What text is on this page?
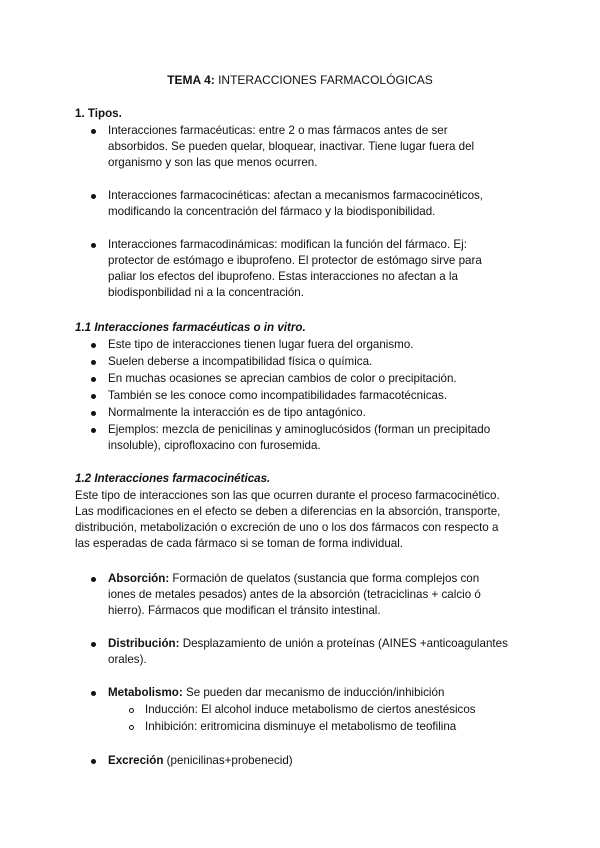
TEMA 4: INTERACCIONES FARMACOLÓGICAS
1. Tipos.
Interacciones farmacéuticas: entre 2 o mas fármacos antes de ser
absorbidos. Se pueden quelar, bloquear, inactivar. Tiene lugar fuera del
organismo y son las que menos ocurren.
Interacciones farmacocinéticas: afectan a mecanismos farmacocinéticos,
modificando la concentración del fármaco y la biodisponibilidad.
Interacciones farmacodinámicas: modifican la función del fármaco. Ej:
protector de estómago e ibuprofeno. El protector de estómago sirve para
paliar los efectos del ibuprofeno. Estas interacciones no afectan a la
biodisponbilidad ni a la concentración.
1.1 Interacciones farmacéuticas o in vitro.
Este tipo de interacciones tienen lugar fuera del organismo.
Suelen deberse a incompatibilidad física o química.
En muchas ocasiones se aprecian cambios de color o precipitación.
También se les conoce como incompatibilidades farmacotécnicas.
Normalmente la interacción es de tipo antagónico.
Ejemplos: mezcla de penicilinas y aminoglucósidos (forman un precipitado
insoluble), ciprofloxacino con furosemida.
1.2 Interacciones farmacocinéticas.
Este tipo de interacciones son las que ocurren durante el proceso farmacocinético.
Las modificaciones en el efecto se deben a diferencias en la absorción, transporte,
distribución, metabolización o excreción de uno o los dos fármacos con respecto a
las esperadas de cada fármaco si se toman de forma individual.
Absorción: Formación de quelatos (sustancia que forma complejos con
iones de metales pesados) antes de la absorción (tetraciclinas + calcio ó
hierro). Fármacos que modifican el tránsito intestinal.
Distribución: Desplazamiento de unión a proteínas (AINES +anticoagulantes
orales).
Metabolismo: Se pueden dar mecanismo de inducción/inhibición
Inducción: El alcohol induce metabolismo de ciertos anestésicos
Inhibición: eritromicina disminuye el metabolismo de teofilina
Excreción (penicilinas+probenecid)
